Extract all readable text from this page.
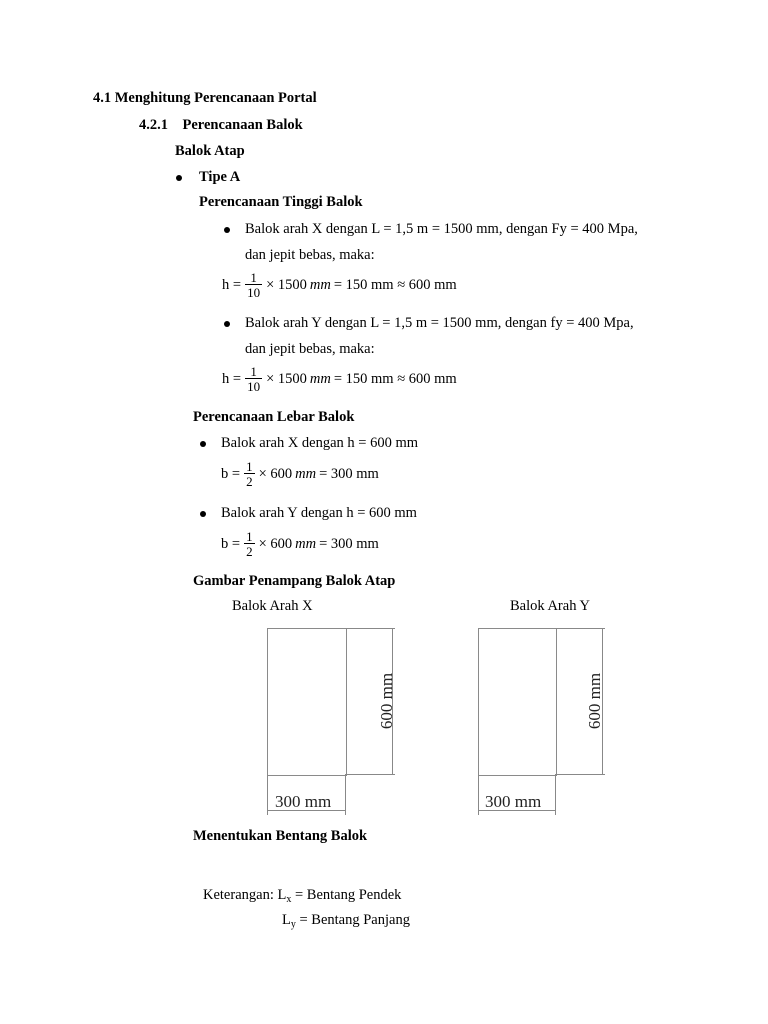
4.1 Menghitung Perencanaan Portal
4.2.1    Perencanaan Balok
Balok Atap
Tipe A
Perencanaan Tinggi Balok
Balok arah X dengan L = 1,5 m = 1500 mm, dengan Fy = 400 Mpa,
dan jepit bebas, maka:
$h = \frac{1}{10} \times 1500$ mm = 150 mm ≈ 600 mm
Balok arah Y dengan L = 1,5 m = 1500 mm, dengan fy = 400 Mpa,
dan jepit bebas, maka:
$h = \frac{1}{10} \times 1500$ mm = 150 mm ≈ 600 mm
Perencanaan Lebar Balok
Balok arah X dengan h = 600 mm
$b = \frac{1}{2} \times 600$ mm = 300 mm
Balok arah Y dengan h = 600 mm
$b = \frac{1}{2} \times 600$ mm = 300 mm
Gambar Penampang Balok Atap
Balok Arah X	Balok Arah Y
600 mm
300 mm
600 mm
300 mm
Menentukan Bentang Balok
Keterangan: $L_x = Bentang$ Pendek
$L_y = Bentang$ Panjang
